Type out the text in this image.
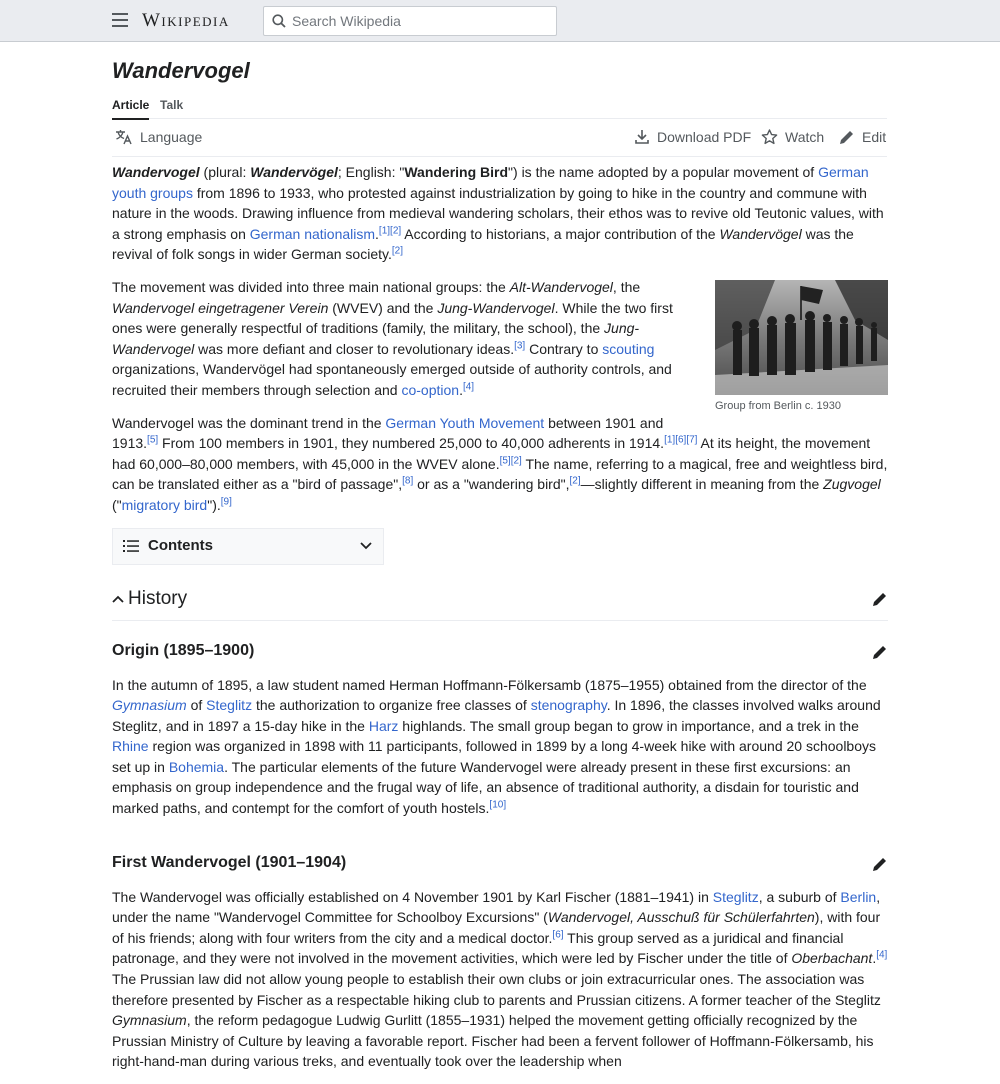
Wikipedia
Search Wikipedia
Wandervogel
Article Talk
Language	Download PDF Watch	Edit

Wandervogel (plural: Wandervögel; English: "Wandering Bird") is the name adopted by a popular movement of German youth groups from 1896 to 1933, who protested against industrialization by going to hike in the country and commune with nature in the woods. Drawing influence from medieval wandering scholars, their ethos was to revive old Teutonic values, with a strong emphasis on German nationalism.[1][2] According to historians, a major contribution of the Wandervögel was the revival of folk songs in wider German society.[2]

Group from Berlin c. 1930

The movement was divided into three main national groups: the Alt-Wandervogel, the Wandervogel eingetragener Verein (WVEV) and the Jung-Wandervogel. While the two first ones were generally respectful of traditions (family, the military, the school), the Jung-Wandervogel was more defiant and closer to revolutionary ideas.[3] Contrary to scouting organizations, Wandervögel had spontaneously emerged outside of authority controls, and recruited their members through selection and co-option.[4]

Wandervogel was the dominant trend in the German Youth Movement between 1901 and 1913.[5] From 100 members in 1901, they numbered 25,000 to 40,000 adherents in 1914.[1][6][7] At its height, the movement had 60,000–80,000 members, with 45,000 in the WVEV alone.[5][2] The name, referring to a magical, free and weightless bird, can be translated either as a "bird of passage",[8] or as a "wandering bird",[2]—slightly different in meaning from the Zugvogel ("migratory bird").[9]

Contents
History
Origin (1895–1900)

In the autumn of 1895, a law student named Herman Hoffmann-Fölkersamb (1875–1955) obtained from the director of the Gymnasium of Steglitz the authorization to organize free classes of stenography. In 1896, the classes involved walks around Steglitz, and in 1897 a 15-day hike in the Harz highlands. The small group began to grow in importance, and a trek in the Rhine region was organized in 1898 with 11 participants, followed in 1899 by a long 4-week hike with around 20 schoolboys set up in Bohemia. The particular elements of the future Wandervogel were already present in these first excursions: an emphasis on group independence and the frugal way of life, an absence of traditional authority, a disdain for touristic and marked paths, and contempt for the comfort of youth hostels.[10]

First Wandervogel (1901–1904)

The Wandervogel was officially established on 4 November 1901 by Karl Fischer (1881–1941) in Steglitz, a suburb of Berlin, under the name "Wandervogel Committee for Schoolboy Excursions" (Wandervogel, Ausschuß für Schülerfahrten), with four of his friends; along with four writers from the city and a medical doctor.[6] This group served as a juridical and financial patronage, and they were not involved in the movement activities, which were led by Fischer under the title of Oberbachant.[4] The Prussian law did not allow young people to establish their own clubs or join extracurricular ones. The association was therefore presented by Fischer as a respectable hiking club to parents and Prussian citizens. A former teacher of the Steglitz Gymnasium, the reform pedagogue Ludwig Gurlitt (1855–1931) helped the movement getting officially recognized by the Prussian Ministry of Culture by leaving a favorable report. Fischer had been a fervent follower of Hoffmann-Fölkersamb, his right-hand-man during various treks, and eventually took over the leadership when
